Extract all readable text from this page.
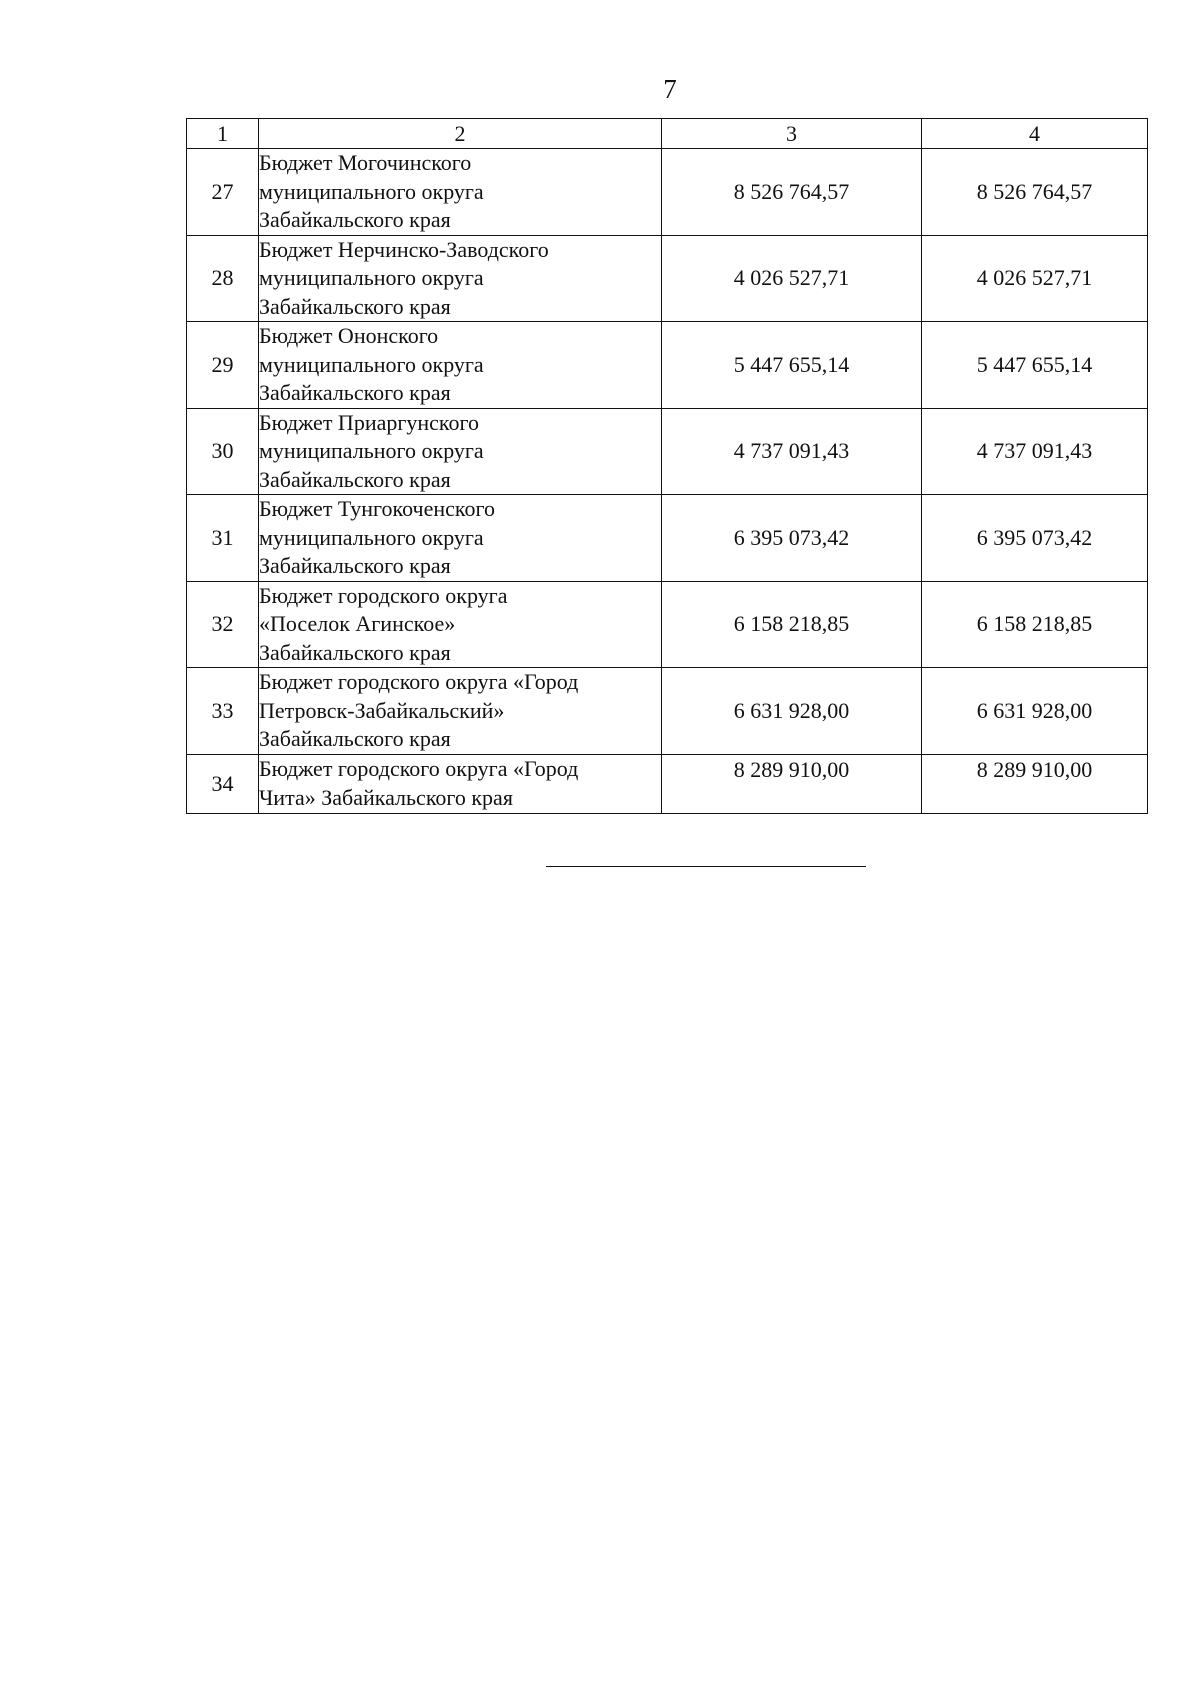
7
1	2	3	4
27	Бюджет Могочинского
муниципального округа
Забайкальского края	8 526 764,57	8 526 764,57
28	Бюджет Нерчинско-Заводского
муниципального округа
Забайкальского края	4 026 527,71	4 026 527,71
29	Бюджет Ононского
муниципального округа
Забайкальского края	5 447 655,14	5 447 655,14
30	Бюджет Приаргунского
муниципального округа
Забайкальского края	4 737 091,43	4 737 091,43
31	Бюджет Тунгокоченского
муниципального округа
Забайкальского края	6 395 073,42	6 395 073,42
32	Бюджет городского округа
«Поселок Агинское»
Забайкальского края	6 158 218,85	6 158 218,85
33	Бюджет городского округа «Город
Петровск-Забайкальский»
Забайкальского края	6 631 928,00	6 631 928,00
34	Бюджет городского округа «Город
Чита» Забайкальского края	8 289 910,00	8 289 910,00
